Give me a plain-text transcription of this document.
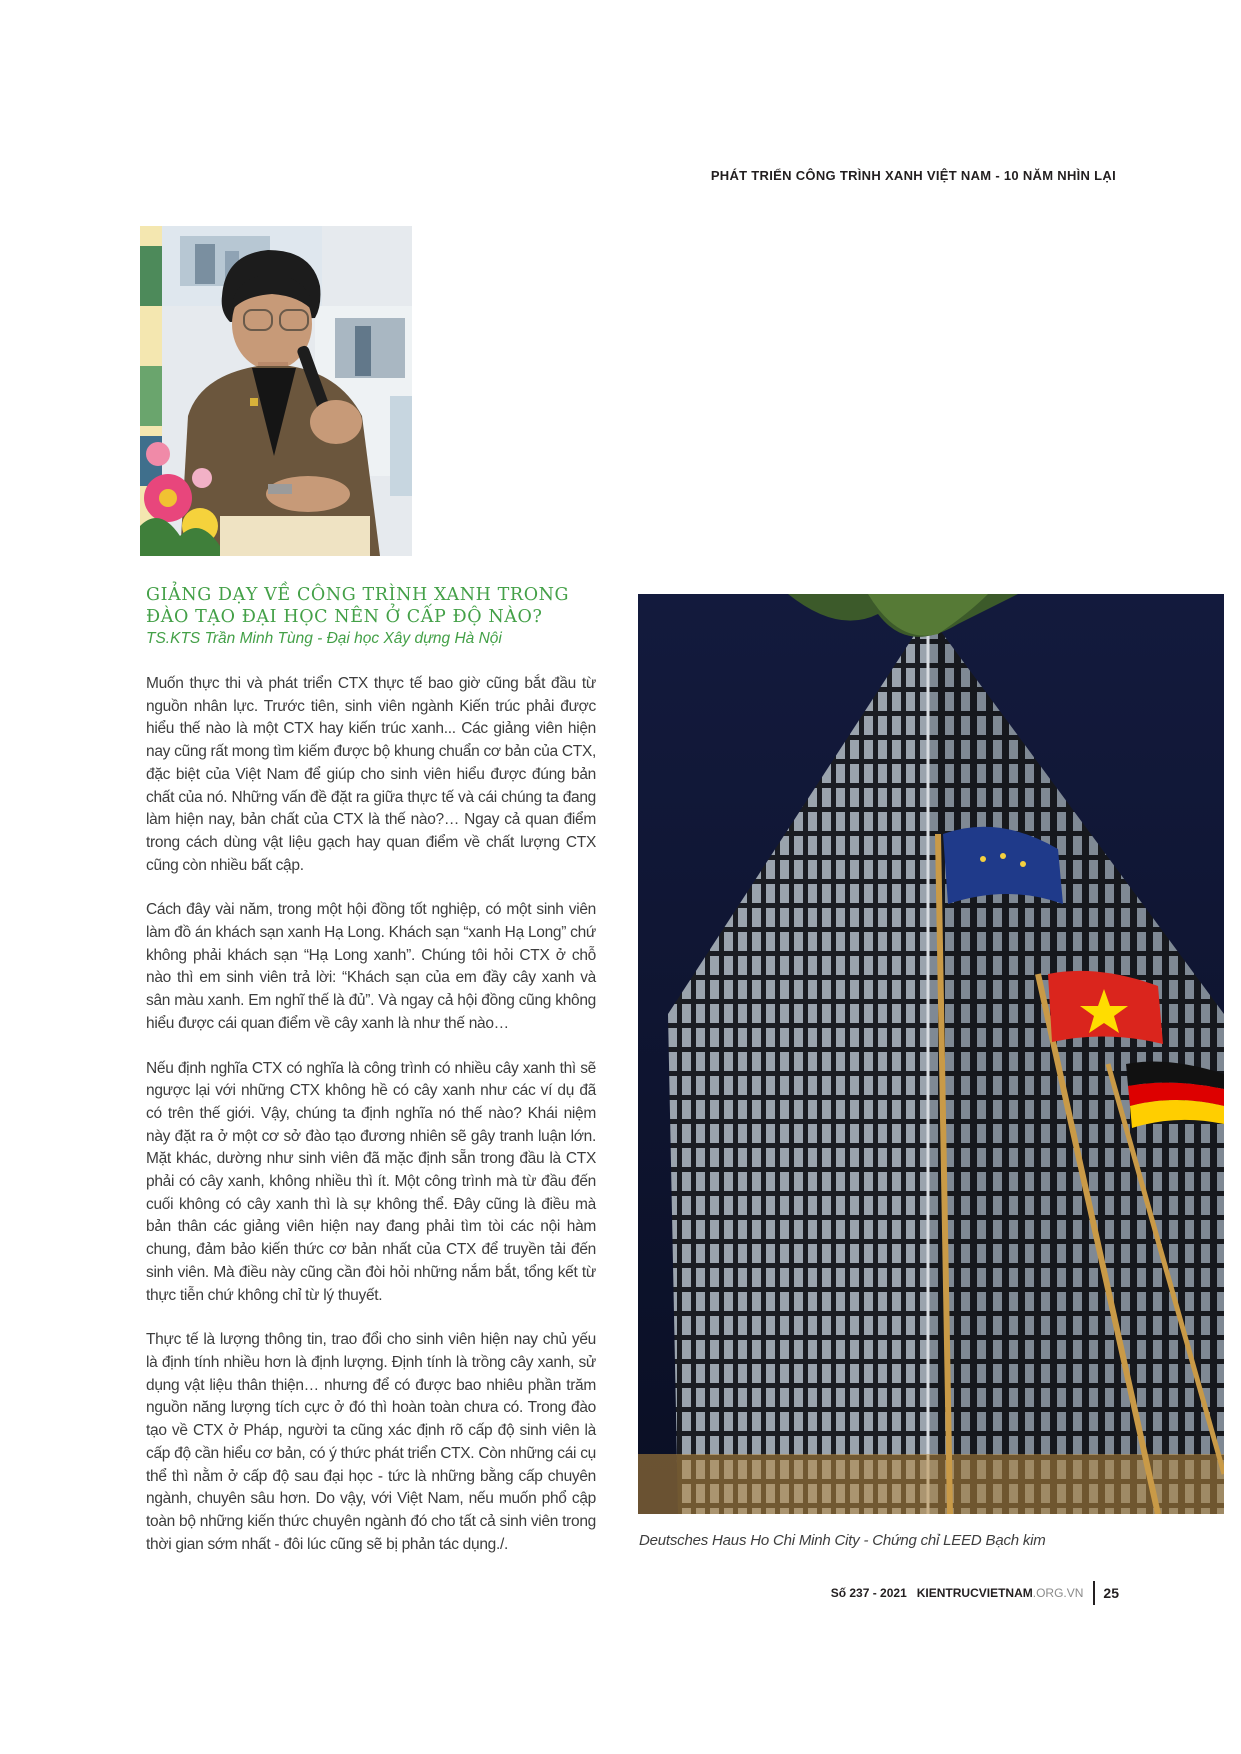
PHÁT TRIỂN CÔNG TRÌNH XANH VIỆT NAM - 10 NĂM NHÌN LẠI
GIẢNG DẠY VỀ CÔNG TRÌNH XANH TRONG ĐÀO TẠO ĐẠI HỌC NÊN Ở CẤP ĐỘ NÀO?

TS.KTS Trần Minh Tùng - Đại học Xây dựng Hà Nội

Muốn thực thi và phát triển CTX thực tế bao giờ cũng bắt đầu từ nguồn nhân lực. Trước tiên, sinh viên ngành Kiến trúc phải được hiểu thế nào là một CTX hay kiến trúc xanh... Các giảng viên hiện nay cũng rất mong tìm kiếm được bộ khung chuẩn cơ bản của CTX, đặc biệt của Việt Nam để giúp cho sinh viên hiểu được đúng bản chất của nó. Những vấn đề đặt ra giữa thực tế và cái chúng ta đang làm hiện nay, bản chất của CTX là thế nào?… Ngay cả quan điểm trong cách dùng vật liệu gạch hay quan điểm về chất lượng CTX cũng còn nhiều bất cập.

Cách đây vài năm, trong một hội đồng tốt nghiệp, có một sinh viên làm đồ án khách sạn xanh Hạ Long. Khách sạn “xanh Hạ Long” chứ không phải khách sạn “Hạ Long xanh”. Chúng tôi hỏi CTX ở chỗ nào thì em sinh viên trả lời: “Khách sạn của em đầy cây xanh và sân màu xanh. Em nghĩ thế là đủ”. Và ngay cả hội đồng cũng không hiểu được cái quan điểm về cây xanh là như thế nào…

Nếu định nghĩa CTX có nghĩa là công trình có nhiều cây xanh thì sẽ ngược lại với những CTX không hề có cây xanh như các ví dụ đã có trên thế giới. Vậy, chúng ta định nghĩa nó thế nào? Khái niệm này đặt ra ở một cơ sở đào tạo đương nhiên sẽ gây tranh luận lớn. Mặt khác, dường như sinh viên đã mặc định sẵn trong đầu là CTX phải có cây xanh, không nhiều thì ít. Một công trình mà từ đầu đến cuối không có cây xanh thì là sự không thể. Đây cũng là điều mà bản thân các giảng viên hiện nay đang phải tìm tòi các nội hàm chung, đảm bảo kiến thức cơ bản nhất của CTX để truyền tải đến sinh viên. Mà điều này cũng cần đòi hỏi những nắm bắt, tổng kết từ thực tiễn chứ không chỉ từ lý thuyết.

Thực tế là lượng thông tin, trao đổi cho sinh viên hiện nay chủ yếu là định tính nhiều hơn là định lượng. Định tính là trồng cây xanh, sử dụng vật liệu thân thiện… nhưng để có được bao nhiêu phần trăm nguồn năng lượng tích cực ở đó thì hoàn toàn chưa có. Trong đào tạo về CTX ở Pháp, người ta cũng xác định rõ cấp độ sinh viên là cấp độ cần hiểu cơ bản, có ý thức phát triển CTX. Còn những cái cụ thể thì nằm ở cấp độ sau đại học - tức là những bằng cấp chuyên ngành, chuyên sâu hơn. Do vậy, với Việt Nam, nếu muốn phổ cập toàn bộ những kiến thức chuyên ngành đó cho tất cả sinh viên trong thời gian sớm nhất - đôi lúc cũng sẽ bị phản tác dụng./.	Deutsches Haus Ho Chi Minh City - Chứng chỉ LEED Bạch kim

Số 237 - 2021 KIENTRUCVIETNAM .ORG.VN 25
